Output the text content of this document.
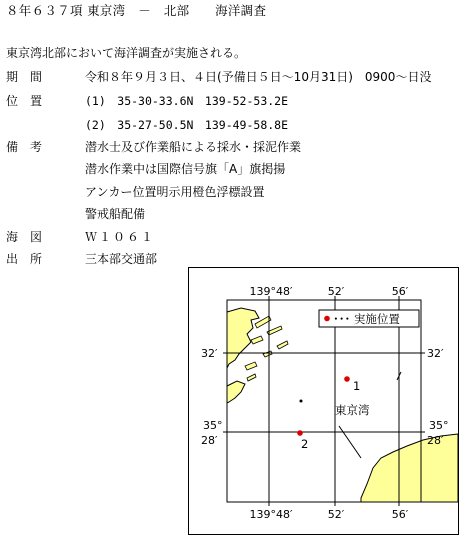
８年６３７項 東京湾　－　北部　　海洋調査
東京湾北部において海洋調査が実施される。
期　間	令和８年９月３日、４日(予備日５日～10月31日)　0900～日没
位　置	(1)　35-30-33.6N　139-52-53.2E
(2)　35-27-50.5N　139-49-58.8E
備　考	潜水士及び作業船による採水・採泥作業
潜水作業中は国際信号旗「A」旗掲揚
アンカー位置明示用橙色浮標設置
警戒船配備
海　図	Ｗ１０６１
出　所	三本部交通部
139°48′	52′	56′
139°48′	52′	56′
32′
35°
28′
32′
35°
28′
･･･ 実施位置
1
2
東京湾
